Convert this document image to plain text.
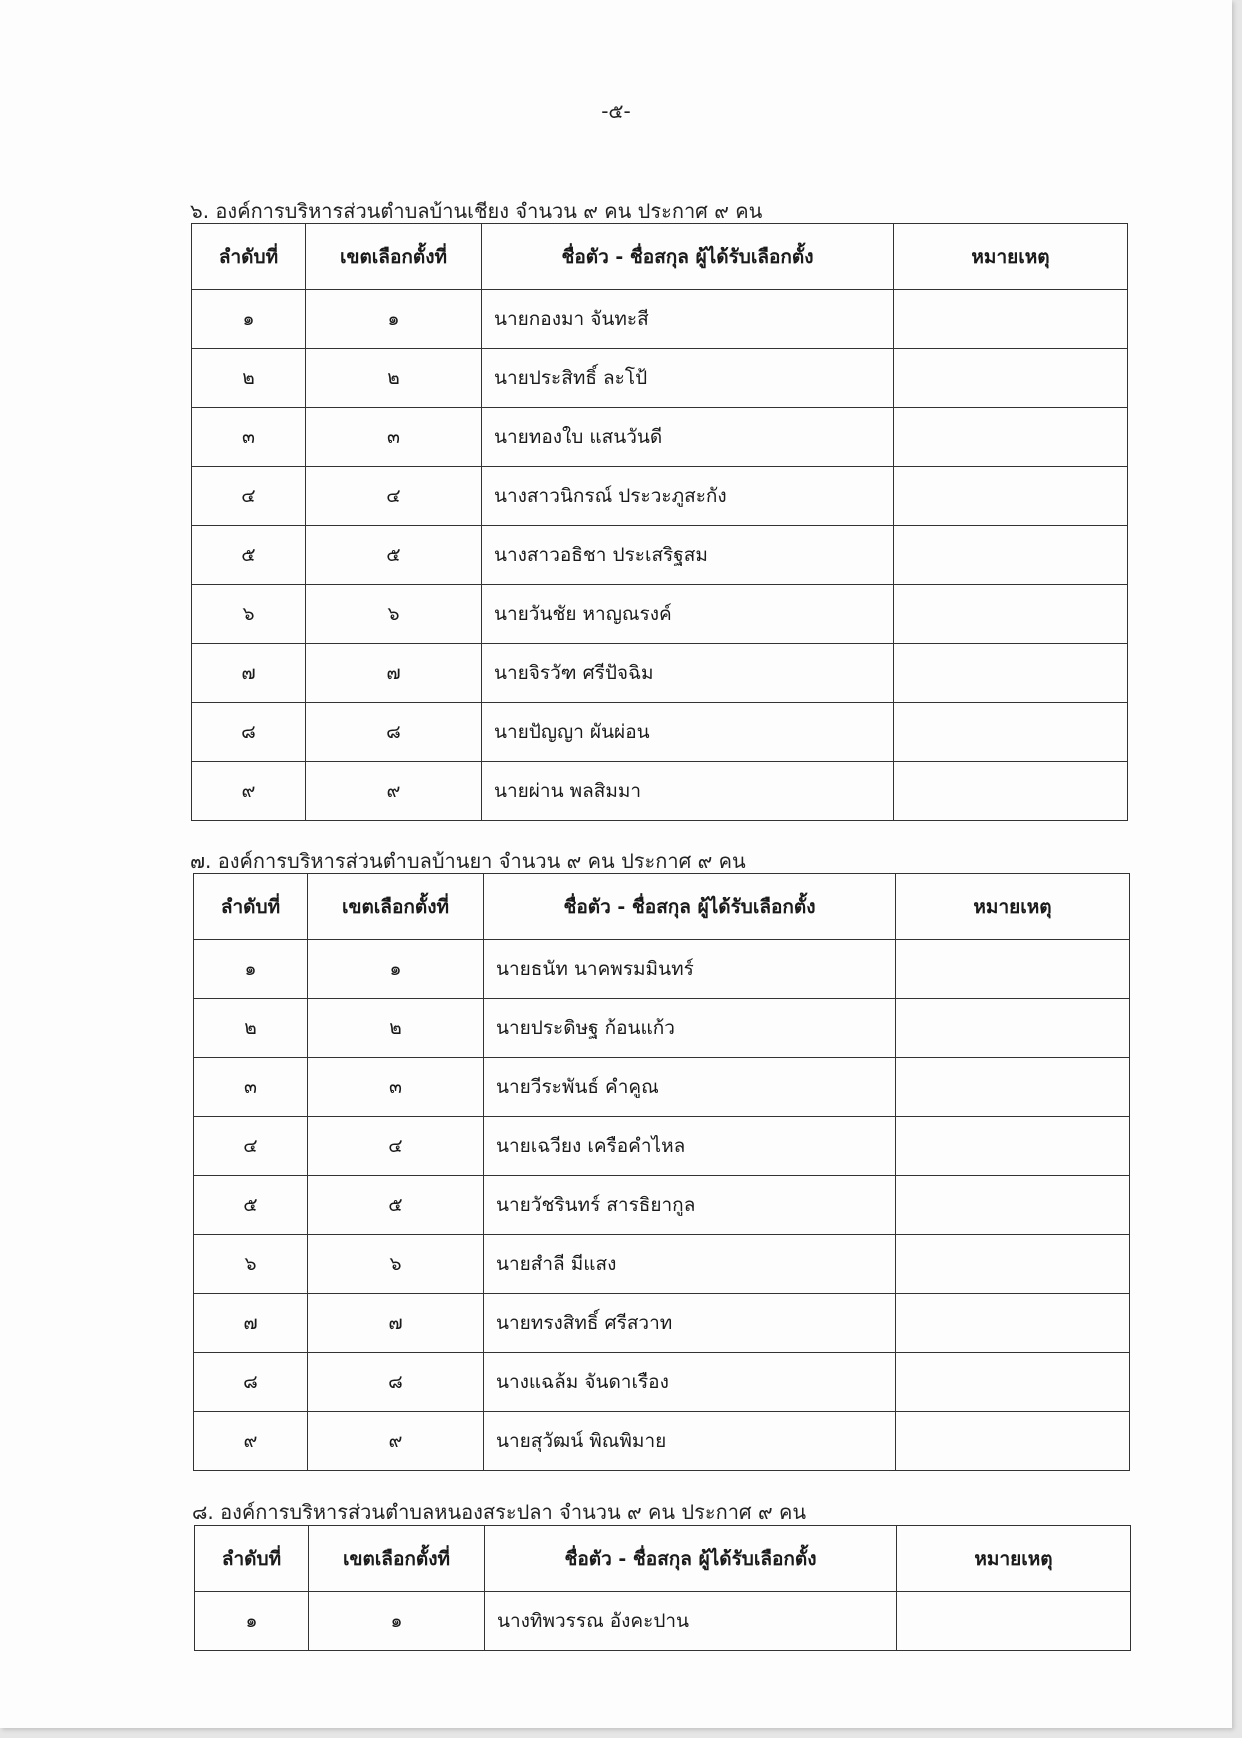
-๕-
๖. องค์การบริหารส่วนตำบลบ้านเชียง จำนวน ๙ คน ประกาศ ๙ คน
ลำดับที่	เขตเลือกตั้งที่	ชื่อตัว - ชื่อสกุล ผู้ได้รับเลือกตั้ง	หมายเหตุ
๑	๑	นายกองมา จันทะสี	
๒	๒	นายประสิทธิ์ ละโป้	
๓	๓	นายทองใบ แสนวันดี	
๔	๔	นางสาวนิกรณ์ ประวะภูสะกัง	
๕	๕	นางสาวอธิชา ประเสริฐสม	
๖	๖	นายวันชัย หาญณรงค์	
๗	๗	นายจิรวัฑ ศรีปัจฉิม	
๘	๘	นายปัญญา ผันผ่อน	
๙	๙	นายผ่าน พลสิมมา	
๗. องค์การบริหารส่วนตำบลบ้านยา จำนวน ๙ คน ประกาศ ๙ คน
ลำดับที่	เขตเลือกตั้งที่	ชื่อตัว - ชื่อสกุล ผู้ได้รับเลือกตั้ง	หมายเหตุ
๑	๑	นายธนัท นาคพรมมินทร์	
๒	๒	นายประดิษฐ ก้อนแก้ว	
๓	๓	นายวีระพันธ์ คำคูณ	
๔	๔	นายเฉวียง เครือคำไหล	
๕	๕	นายวัชรินทร์ สารธิยากูล	
๖	๖	นายสำลี มีแสง	
๗	๗	นายทรงสิทธิ์ ศรีสวาท	
๘	๘	นางแฉล้ม จันดาเรือง	
๙	๙	นายสุวัฒน์ พิณพิมาย	
๘. องค์การบริหารส่วนตำบลหนองสระปลา จำนวน ๙ คน ประกาศ ๙ คน
ลำดับที่	เขตเลือกตั้งที่	ชื่อตัว - ชื่อสกุล ผู้ได้รับเลือกตั้ง	หมายเหตุ
๑	๑	นางทิพวรรณ อังคะปาน	
